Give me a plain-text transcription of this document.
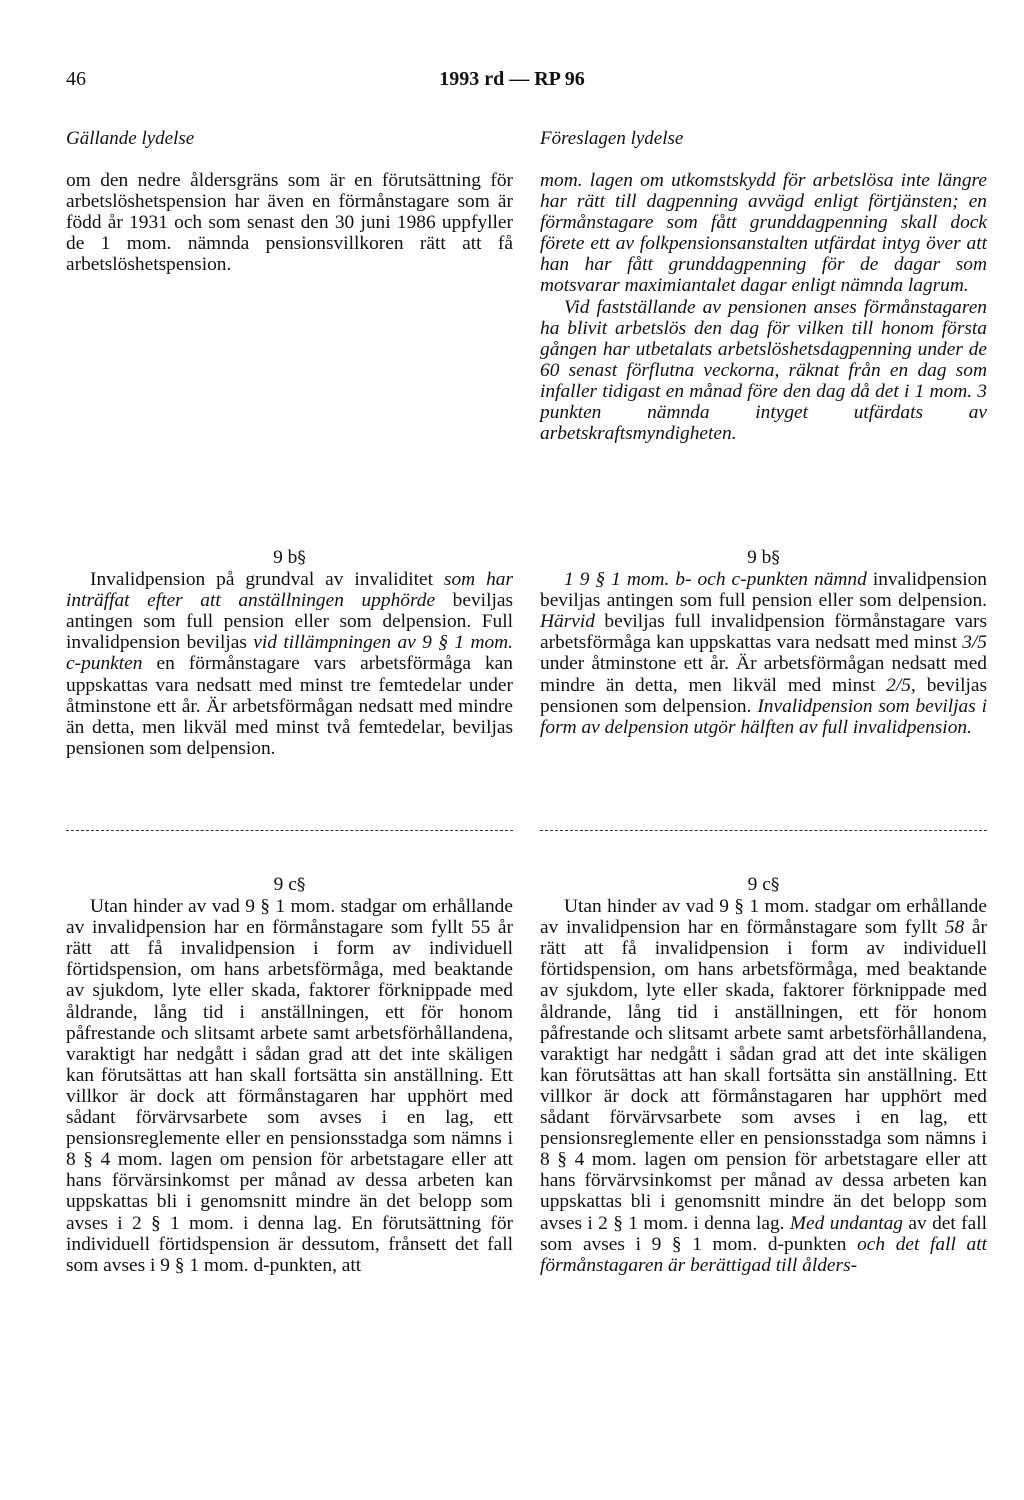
46	1993 rd — RP 96
Gällande lydelse

om den nedre åldersgräns som är en förutsättning för arbetslöshetspension har även en förmånstagare som är född år 1931 och som senast den 30 juni 1986 uppfyller de 1 mom. nämnda pensionsvillkoren rätt att få arbetslöshetspension.

9 b§

Invalidpension på grundval av invaliditet som har inträffat efter att anställningen upphörde beviljas antingen som full pension eller som delpension. Full invalidpension beviljas vid tillämpningen av 9 § 1 mom. c-punkten en förmånstagare vars arbetsförmåga kan uppskattas vara nedsatt med minst tre femtedelar under åtminstone ett år. Är arbetsförmågan nedsatt med mindre än detta, men likväl med minst två femtedelar, beviljas pensionen som delpension.

9 c§

Utan hinder av vad 9 § 1 mom. stadgar om erhållande av invalidpension har en förmånstagare som fyllt 55 år rätt att få invalidpension i form av individuell förtidspension, om hans arbetsförmåga, med beaktande av sjukdom, lyte eller skada, faktorer förknippade med åldrande, lång tid i anställningen, ett för honom påfrestande och slitsamt arbete samt arbetsförhållandena, varaktigt har nedgått i sådan grad att det inte skäligen kan förutsättas att han skall fortsätta sin anställning. Ett villkor är dock att förmånstagaren har upphört med sådant förvärvsarbete som avses i en lag, ett pensionsreglemente eller en pensionsstadga som nämns i 8 § 4 mom. lagen om pension för arbetstagare eller att hans förvärsinkomst per månad av dessa arbeten kan uppskattas bli i genomsnitt mindre än det belopp som avses i 2 § 1 mom. i denna lag. En förutsättning för individuell förtidspension är dessutom, frånsett det fall som avses i 9 § 1 mom. d-punkten, att

Föreslagen lydelse

mom. lagen om utkomstskydd för arbetslösa inte längre har rätt till dagpenning avvägd enligt förtjänsten; en förmånstagare som fått grunddagpenning skall dock förete ett av folkpensionsanstalten utfärdat intyg över att han har fått grunddagpenning för de dagar som motsvarar maximiantalet dagar enligt nämnda lagrum.

Vid fastställande av pensionen anses förmånstagaren ha blivit arbetslös den dag för vilken till honom första gången har utbetalats arbetslöshetsdagpenning under de 60 senast förflutna veckorna, räknat från en dag som infaller tidigast en månad före den dag då det i 1 mom. 3 punkten nämnda intyget utfärdats av arbetskraftsmyndigheten.

9 b§

1 9 § 1 mom. b- och c-punkten nämnd invalidpension beviljas antingen som full pension eller som delpension. Härvid beviljas full invalidpension förmånstagare vars arbetsförmåga kan uppskattas vara nedsatt med minst 3/5 under åtminstone ett år. Är arbetsförmågan nedsatt med mindre än detta, men likväl med minst 2/5, beviljas pensionen som delpension. Invalidpension som beviljas i form av delpension utgör hälften av full invalidpension.

9 c§

Utan hinder av vad 9 § 1 mom. stadgar om erhållande av invalidpension har en förmånstagare som fyllt 58 år rätt att få invalidpension i form av individuell förtidspension, om hans arbetsförmåga, med beaktande av sjukdom, lyte eller skada, faktorer förknippade med åldrande, lång tid i anställningen, ett för honom påfrestande och slitsamt arbete samt arbetsförhållandena, varaktigt har nedgått i sådan grad att det inte skäligen kan förutsättas att han skall fortsätta sin anställning. Ett villkor är dock att förmånstagaren har upphört med sådant förvärvsarbete som avses i en lag, ett pensionsreglemente eller en pensionsstadga som nämns i 8 § 4 mom. lagen om pension för arbetstagare eller att hans förvärvsinkomst per månad av dessa arbeten kan uppskattas bli i genomsnitt mindre än det belopp som avses i 2 § 1 mom. i denna lag. Med undantag av det fall som avses i 9 § 1 mom. d-punkten och det fall att förmånstagaren är berättigad till ålders-
